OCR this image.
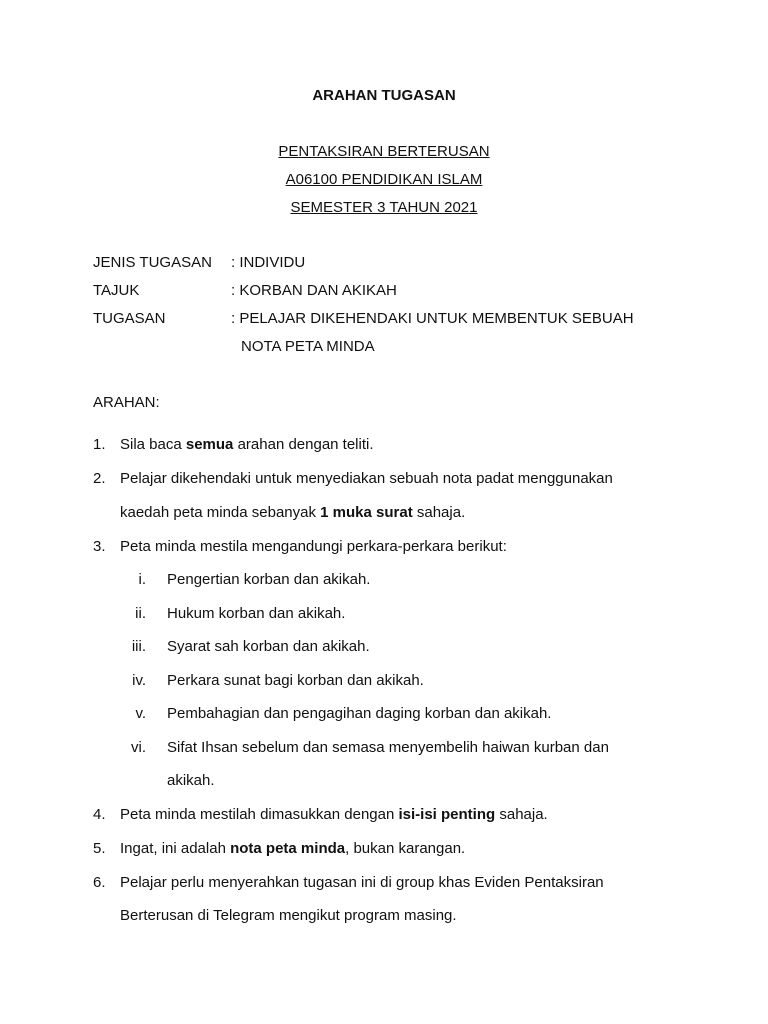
ARAHAN TUGASAN
PENTAKSIRAN BERTERUSAN
A06100 PENDIDIKAN ISLAM
SEMESTER 3 TAHUN 2021
JENIS TUGASAN : INDIVIDU
TAJUK	: KORBAN DAN AKIKAH
TUGASAN	: PELAJAR DIKEHENDAKI UNTUK MEMBENTUK SEBUAH
NOTA PETA MINDA
ARAHAN:
1. Sila baca semua arahan dengan teliti.
2. Pelajar dikehendaki untuk menyediakan sebuah nota padat menggunakan
kaedah peta minda sebanyak 1 muka surat sahaja.
3. Peta minda mestila mengandungi perkara-perkara berikut:
i. Pengertian korban dan akikah.
ii. Hukum korban dan akikah.
iii. Syarat sah korban dan akikah.
iv. Perkara sunat bagi korban dan akikah.
v. Pembahagian dan pengagihan daging korban dan akikah.
vi. Sifat Ihsan sebelum dan semasa menyembelih haiwan kurban dan
akikah.
4. Peta minda mestilah dimasukkan dengan isi-isi penting sahaja.
5. Ingat, ini adalah nota peta minda, bukan karangan.
6. Pelajar perlu menyerahkan tugasan ini di group khas Eviden Pentaksiran
Berterusan di Telegram mengikut program masing.
